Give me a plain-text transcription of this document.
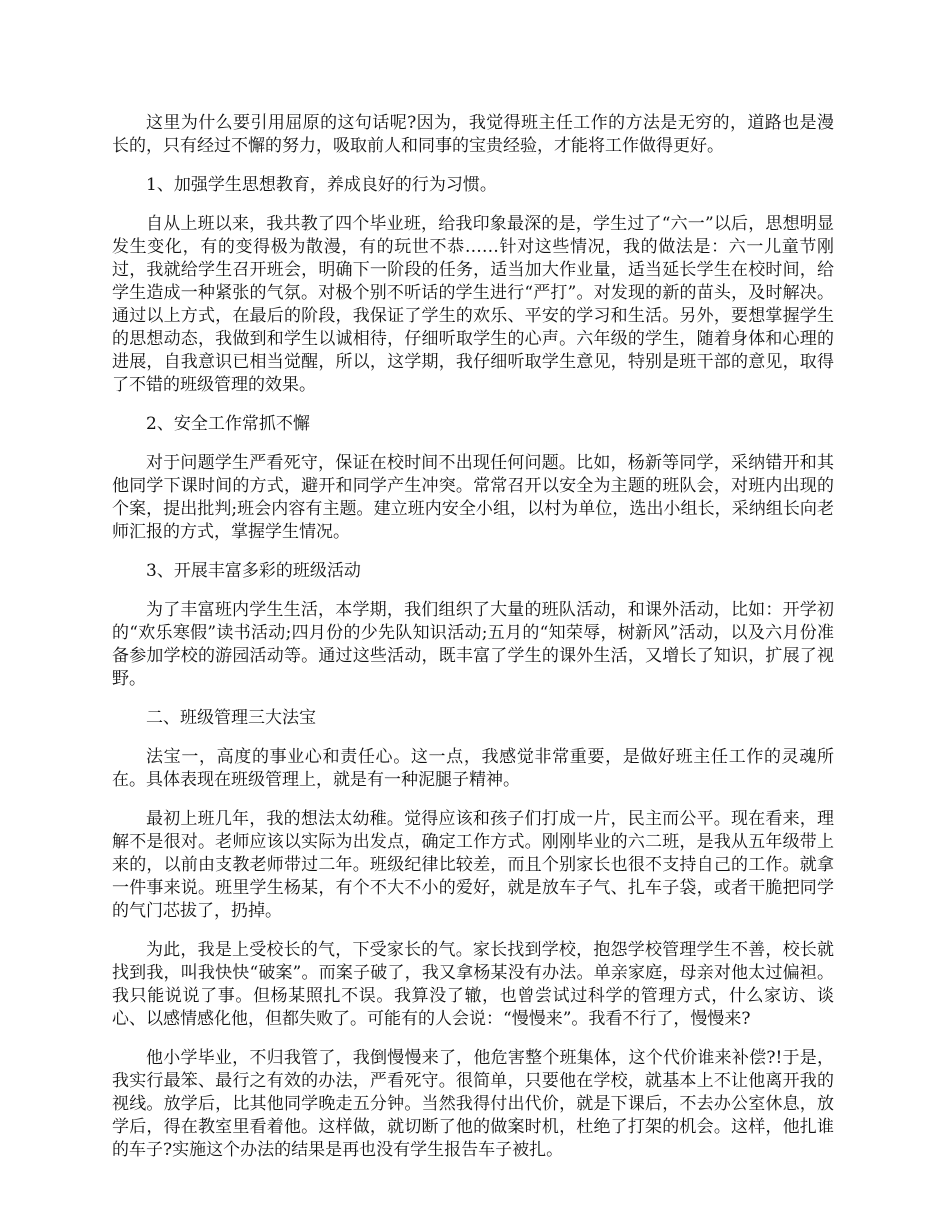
这里为什么要引用屈原的这句话呢?因为，我觉得班主任工作的方法是无穷的，道路也是漫长的，只有经过不懈的努力，吸取前人和同事的宝贵经验，才能将工作做得更好。

1、加强学生思想教育，养成良好的行为习惯。

自从上班以来，我共教了四个毕业班，给我印象最深的是，学生过了“六一”以后，思想明显发生变化，有的变得极为散漫，有的玩世不恭……针对这些情况，我的做法是：六一儿童节刚过，我就给学生召开班会，明确下一阶段的任务，适当加大作业量，适当延长学生在校时间，给学生造成一种紧张的气氛。对极个别不听话的学生进行“严打”。对发现的新的苗头，及时解决。通过以上方式，在最后的阶段，我保证了学生的欢乐、平安的学习和生活。另外，要想掌握学生的思想动态，我做到和学生以诚相待，仔细听取学生的心声。六年级的学生，随着身体和心理的进展，自我意识已相当觉醒，所以，这学期，我仔细听取学生意见，特别是班干部的意见，取得了不错的班级管理的效果。

2、安全工作常抓不懈

对于问题学生严看死守，保证在校时间不出现任何问题。比如，杨新等同学，采纳错开和其他同学下课时间的方式，避开和同学产生冲突。常常召开以安全为主题的班队会，对班内出现的个案，提出批判;班会内容有主题。建立班内安全小组，以村为单位，选出小组长，采纳组长向老师汇报的方式，掌握学生情况。

3、开展丰富多彩的班级活动

为了丰富班内学生生活，本学期，我们组织了大量的班队活动，和课外活动，比如：开学初的“欢乐寒假”读书活动;四月份的少先队知识活动;五月的“知荣辱，树新风”活动，以及六月份准备参加学校的游园活动等。通过这些活动，既丰富了学生的课外生活，又增长了知识，扩展了视野。

二、班级管理三大法宝

法宝一，高度的事业心和责任心。这一点，我感觉非常重要，是做好班主任工作的灵魂所在。具体表现在班级管理上，就是有一种泥腿子精神。

最初上班几年，我的想法太幼稚。觉得应该和孩子们打成一片，民主而公平。现在看来，理解不是很对。老师应该以实际为出发点，确定工作方式。刚刚毕业的六二班，是我从五年级带上来的，以前由支教老师带过二年。班级纪律比较差，而且个别家长也很不支持自己的工作。就拿一件事来说。班里学生杨某，有个不大不小的爱好，就是放车子气、扎车子袋，或者干脆把同学的气门芯拔了，扔掉。

为此，我是上受校长的气，下受家长的气。家长找到学校，抱怨学校管理学生不善，校长就找到我，叫我快快“破案”。而案子破了，我又拿杨某没有办法。单亲家庭，母亲对他太过偏袒。我只能说说了事。但杨某照扎不误。我算没了辙，也曾尝试过科学的管理方式，什么家访、谈心、以感情感化他，但都失败了。可能有的人会说：“慢慢来”。我看不行了，慢慢来?

他小学毕业，不归我管了，我倒慢慢来了，他危害整个班集体，这个代价谁来补偿?!于是，我实行最笨、最行之有效的办法，严看死守。很简单，只要他在学校，就基本上不让他离开我的视线。放学后，比其他同学晚走五分钟。当然我得付出代价，就是下课后，不去办公室休息，放学后，得在教室里看着他。这样做，就切断了他的做案时机，杜绝了打架的机会。这样，他扎谁的车子?实施这个办法的结果是再也没有学生报告车子被扎。
